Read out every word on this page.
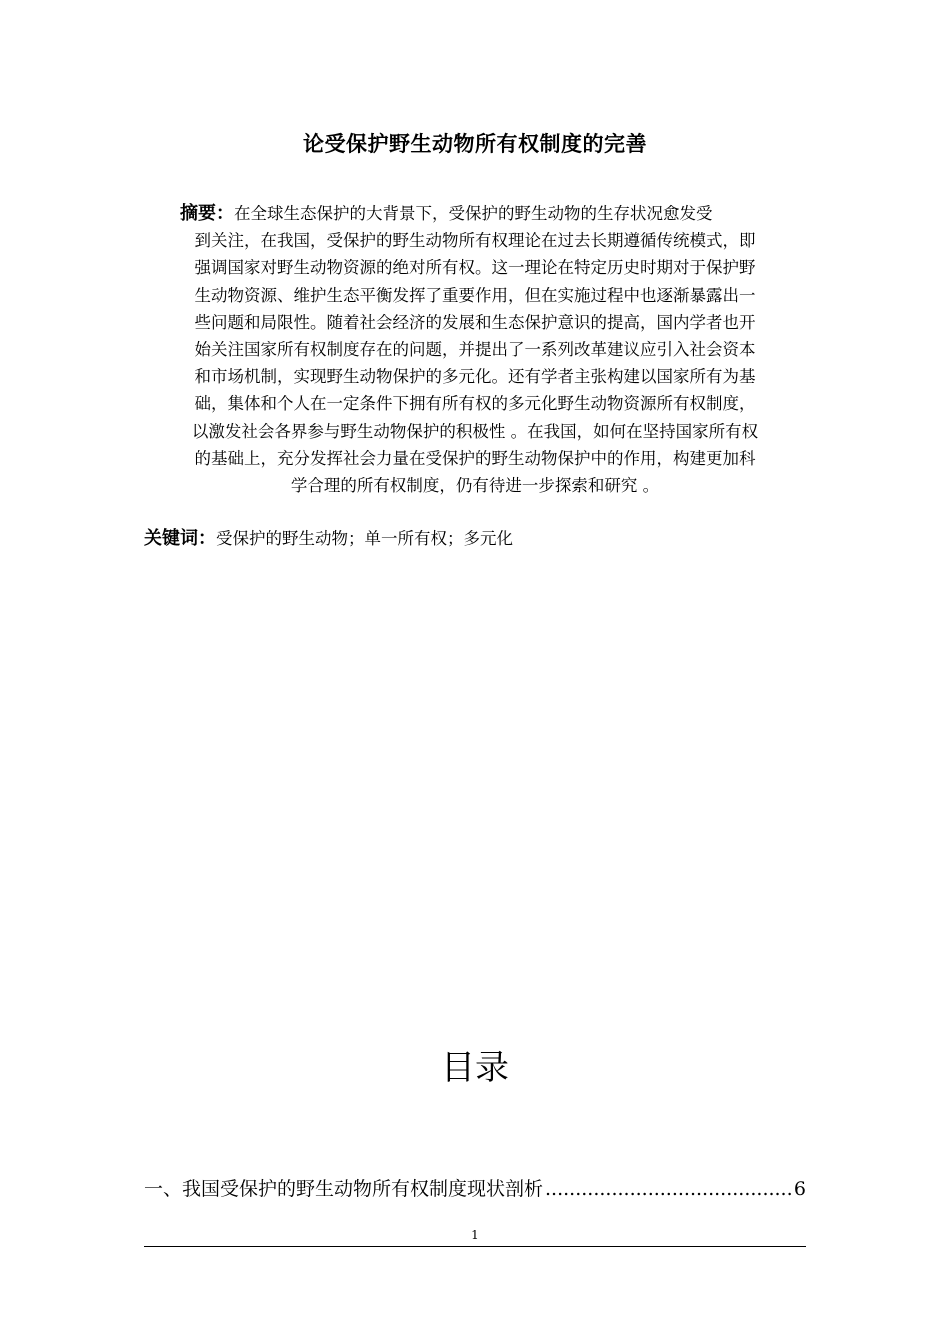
论受保护野生动物所有权制度的完善
摘要：在全球生态保护的大背景下，受保护的野生动物的生存状况愈发受
到关注，在我国，受保护的野生动物所有权理论在过去长期遵循传统模式，即
强调国家对野生动物资源的绝对所有权。这一理论在特定历史时期对于保护野
生动物资源、维护生态平衡发挥了重要作用，但在实施过程中也逐渐暴露出一
些问题和局限性。随着社会经济的发展和生态保护意识的提高，国内学者也开
始关注国家所有权制度存在的问题，并提出了一系列改革建议应引入社会资本
和市场机制，实现野生动物保护的多元化。还有学者主张构建以国家所有为基
础，集体和个人在一定条件下拥有所有权的多元化野生动物资源所有权制度，
以激发社会各界参与野生动物保护的积极性 。在我国，如何在坚持国家所有权
的基础上，充分发挥社会力量在受保护的野生动物保护中的作用，构建更加科
学合理的所有权制度，仍有待进一步探索和研究 。
关键词：受保护的野生动物；单一所有权；多元化
目录
一、我国受保护的野生动物所有权制度现状剖析
.....	6
1
